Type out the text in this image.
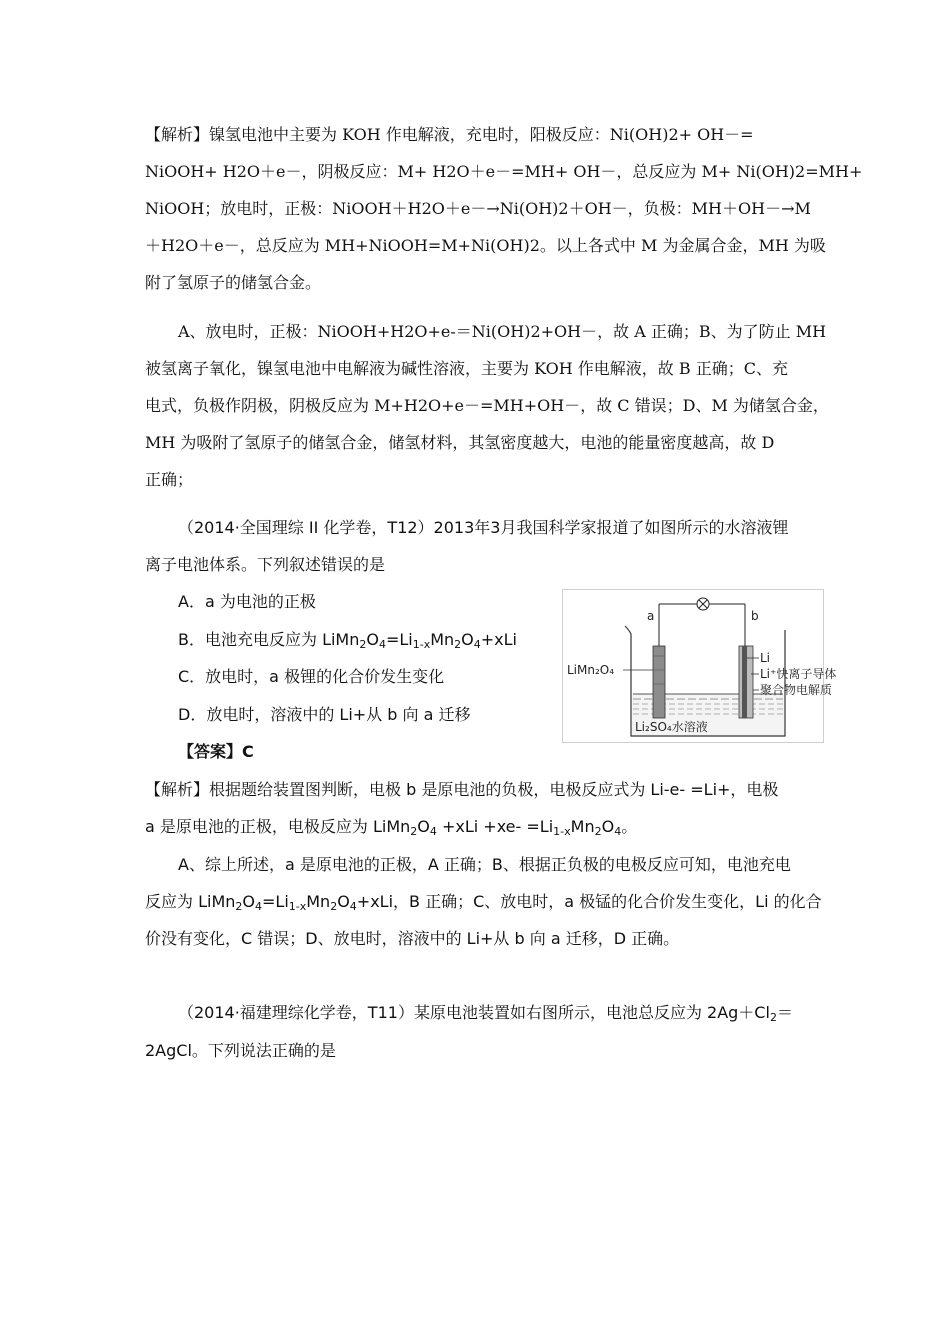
【解析】镍氢电池中主要为 KOH 作电解液，充电时，阳极反应：Ni(OH)2+ OH－=
NiOOH+ H2O＋e－，阴极反应：M+ H2O＋e－=MH+ OH－，总反应为 M+ Ni(OH)2=MH+
NiOOH；放电时，正极：NiOOH＋H2O＋e－→Ni(OH)2＋OH－，负极：MH＋OH－→M
＋H2O＋e－，总反应为 MH+NiOOH=M+Ni(OH)2。以上各式中 M 为金属合金，MH 为吸
附了氢原子的储氢合金。
A、放电时，正极：NiOOH+H2O+e-＝Ni(OH)2+OH－，故 A 正确；B、为了防止 MH
被氢离子氧化，镍氢电池中电解液为碱性溶液，主要为 KOH 作电解液，故 B 正确；C、充
电式，负极作阴极，阴极反应为 M+H2O+e－=MH+OH－，故 C 错误；D、M 为储氢合金，
MH 为吸附了氢原子的储氢合金，储氢材料，其氢密度越大，电池的能量密度越高，故 D
正确；
（2014·全国理综 II 化学卷，T12）2013年3月我国科学家报道了如图所示的水溶液锂
离子电池体系。下列叙述错误的是
A．a 为电池的正极
B．电池充电反应为 $LiMn_2O_4=Li_{1-x}Mn_2O_4+xLi$
C．放电时，a 极锂的化合价发生变化
D．放电时，溶液中的 Li+从 b 向 a 迁移
【答案】C
a	b
LiMn₂O₄
Li
Li⁺快离子导体
聚合物电解质
Li₂SO₄水溶液
【解析】根据题给装置图判断，电极 b 是原电池的负极，电极反应式为 Li-e- =Li+，电极
a 是原电池的正极，电极反应为 $LiMn_2O_4 +xLi +xe- =Li_{1-x}Mn_2O_4$。
A、综上所述，a 是原电池的正极，A 正确；B、根据正负极的电极反应可知，电池充电
反应为 $LiMn_2O_4=Li_{1-x}Mn_2O_4+xLi$，B 正确；C、放电时，a 极锰的化合价发生变化，Li 的化合
价没有变化，C 错误；D、放电时，溶液中的 Li+从 b 向 a 迁移，D 正确。
（2014·福建理综化学卷，T11）某原电池装置如右图所示，电池总反应为 $2Ag+Cl_2=$
2AgCl。下列说法正确的是
